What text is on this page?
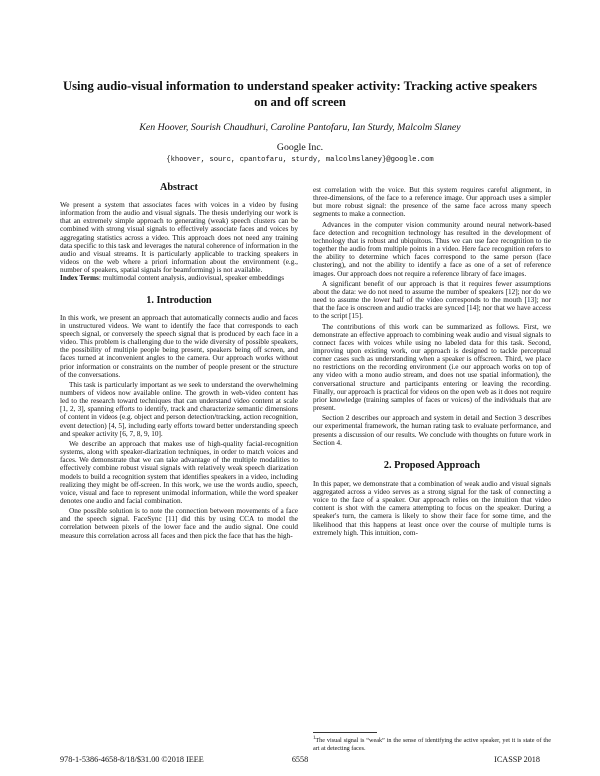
Using audio-visual information to understand speaker activity: Tracking active speakers on and off screen
Ken Hoover, Sourish Chaudhuri, Caroline Pantofaru, Ian Sturdy, Malcolm Slaney
Google Inc.
{khoover, sourc, cpantofaru, sturdy, malcolmslaney}@google.com
Abstract

We present a system that associates faces with voices in a video by fusing information from the audio and visual signals. The thesis underlying our work is that an extremely simple approach to generating (weak) speech clusters can be combined with strong visual signals to effectively associate faces and voices by aggregating statistics across a video. This approach does not need any training data specific to this task and leverages the natural coherence of information in the audio and visual streams. It is particularly applicable to tracking speakers in videos on the web where a priori information about the environment (e.g., number of speakers, spatial signals for beamforming) is not available.

Index Terms: multimodal content analysis, audiovisual, speaker embeddings

1. Introduction

In this work, we present an approach that automatically connects audio and faces in unstructured videos. We want to identify the face that corresponds to each speech signal, or conversely the speech signal that is produced by each face in a video. This problem is challenging due to the wide diversity of possible speakers, the possibility of multiple people being present, speakers being off screen, and faces turned at inconvenient angles to the camera. Our approach works without prior information or constraints on the number of people present or the structure of the conversations.

This task is particularly important as we seek to understand the overwhelming numbers of videos now available online. The growth in web-video content has led to the research toward techniques that can understand video content at scale [1, 2, 3], spanning efforts to identify, track and characterize semantic dimensions of content in videos (e.g. object and person detection/tracking, action recognition, event detection) [4, 5], including early efforts toward better understanding speech and speaker activity [6, 7, 8, 9, 10].

We describe an approach that makes use of high-quality facial-recognition systems, along with speaker-diarization techniques, in order to match voices and faces. We demonstrate that we can take advantage of the multiple modalities to effectively combine robust visual signals with relatively weak speech diarization models to build a recognition system that identifies speakers in a video, including realizing they might be off-screen. In this work, we use the words audio, speech, voice, visual and face to represent unimodal information, while the word speaker denotes one audio and facial combination.

One possible solution is to note the connection between movements of a face and the speech signal. FaceSync [11] did this by using CCA to model the correlation between pixels of the lower face and the audio signal. One could measure this correlation across all faces and then pick the face that has the high-

est correlation with the voice. But this system requires careful alignment, in three-dimensions, of the face to a reference image. Our approach uses a simpler but more robust signal: the presence of the same face across many speech segments to make a connection.

Advances in the computer vision community around neural network-based face detection and recognition technology has resulted in the development of technology that is robust and ubiquitous. Thus we can use face recognition to tie together the audio from multiple points in a video. Here face recognition refers to the ability to determine which faces correspond to the same person (face clustering), and not the ability to identify a face as one of a set of reference images. Our approach does not require a reference library of face images.

A significant benefit of our approach is that it requires fewer assumptions about the data: we do not need to assume the number of speakers [12]; nor do we need to assume the lower half of the video corresponds to the mouth [13]; nor that the face is onscreen and audio tracks are synced [14]; nor that we have access to the script [15].

The contributions of this work can be summarized as follows. First, we demonstrate an effective approach to combining weak audio and visual signals to connect faces with voices while using no labeled data for this task. Second, improving upon existing work, our approach is designed to tackle perceptual corner cases such as understanding when a speaker is offscreen. Third, we place no restrictions on the recording environment (i.e our approach works on top of any video with a mono audio stream, and does not use spatial information), the conversational structure and participants entering or leaving the recording. Finally, our approach is practical for videos on the open web as it does not require prior knowledge (training samples of faces or voices) of the individuals that are present.

Section 2 describes our approach and system in detail and Section 3 describes our experimental framework, the human rating task to evaluate performance, and presents a discussion of our results. We conclude with thoughts on future work in Section 4.

2. Proposed Approach

In this paper, we demonstrate that a combination of weak audio and visual signals aggregated across a video serves as a strong signal for the task of connecting a voice to the face of a speaker. Our approach relies on the intuition that video content is shot with the camera attempting to focus on the speaker. During a speaker's turn, the camera is likely to show their face for some time, and the likelihood that this happens at least once over the course of multiple turns is extremely high. This intuition, com-

$^1$The visual signal is “weak” in the sense of identifying the active speaker, yet it is state of the art at detecting faces.
6558
978-1-5386-4658-8/18/$31.00 ©2018 IEEE	ICASSP 2018
